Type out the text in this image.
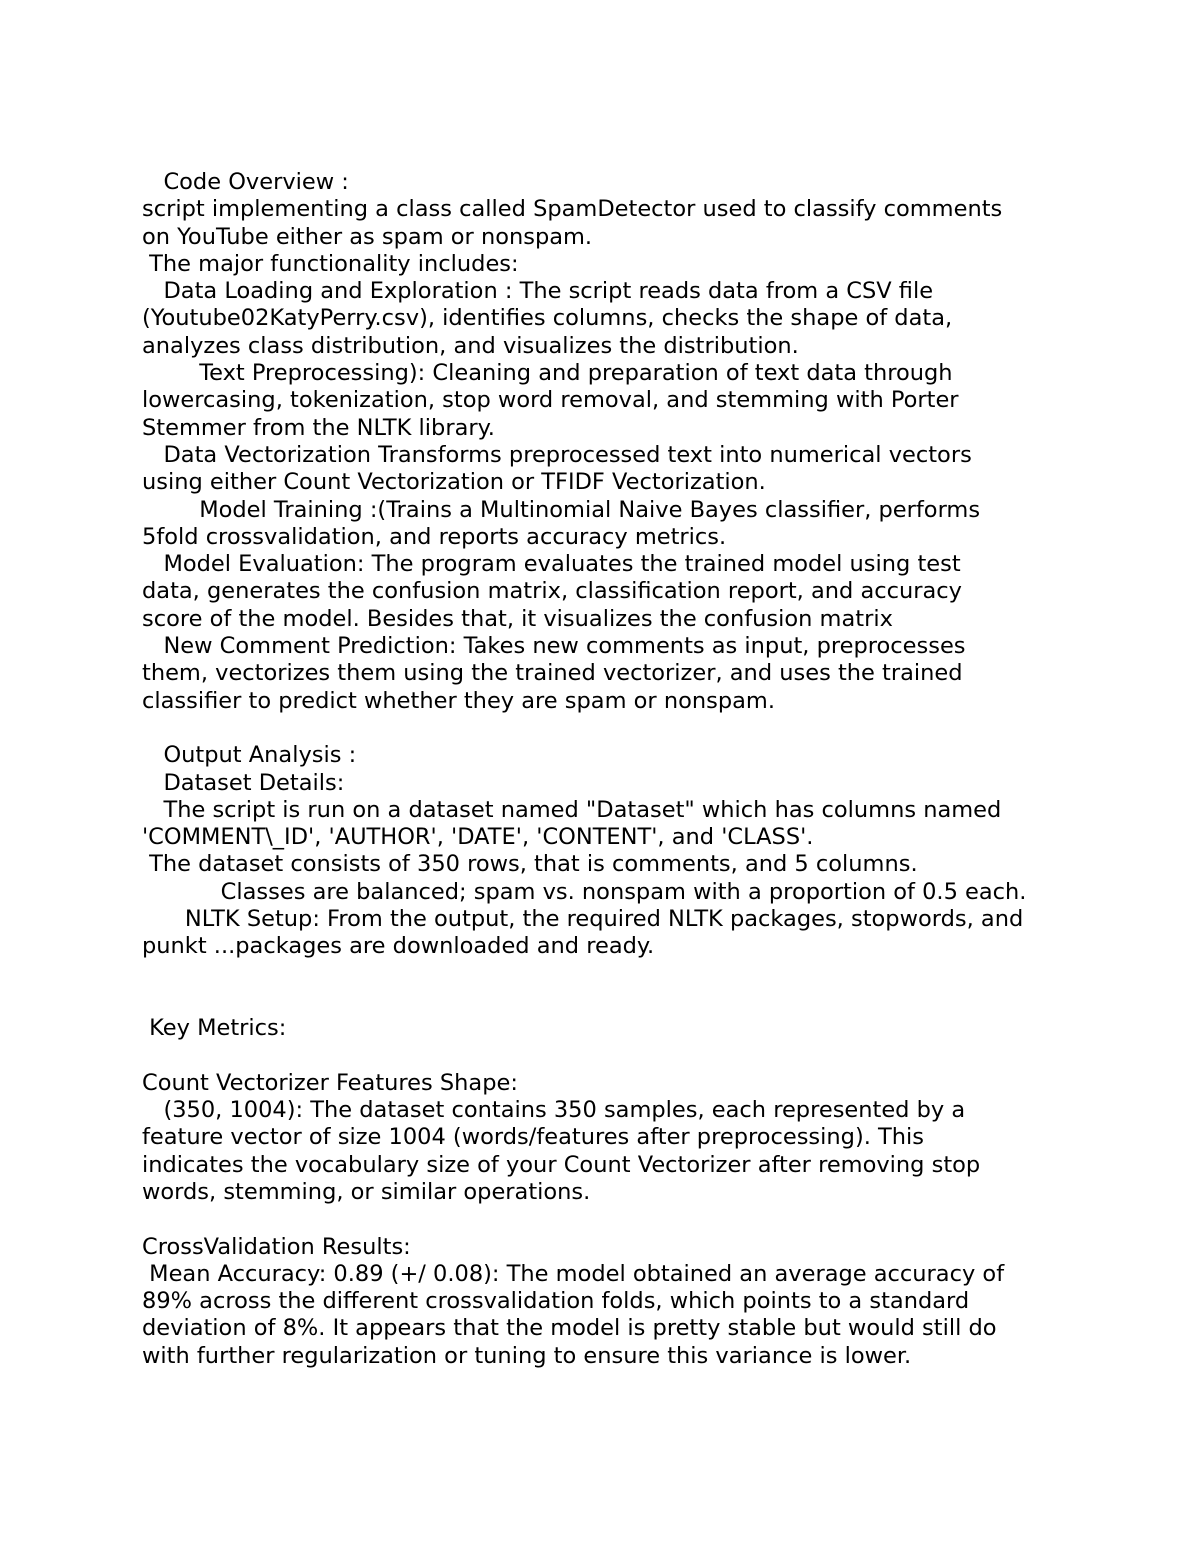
Code Overview :
script implementing a class called SpamDetector used to classify comments
on YouTube either as spam or nonspam.
The major functionality includes:
Data Loading and Exploration : The script reads data from a CSV file
(Youtube02KatyPerry.csv), identifies columns, checks the shape of data,
analyzes class distribution, and visualizes the distribution.
Text Preprocessing): Cleaning and preparation of text data through
lowercasing, tokenization, stop word removal, and stemming with Porter
Stemmer from the NLTK library.
Data Vectorization Transforms preprocessed text into numerical vectors
using either Count Vectorization or TFIDF Vectorization.
Model Training :(Trains a Multinomial Naive Bayes classifier, performs
5fold crossvalidation, and reports accuracy metrics.
Model Evaluation: The program evaluates the trained model using test
data, generates the confusion matrix, classification report, and accuracy
score of the model. Besides that, it visualizes the confusion matrix
New Comment Prediction: Takes new comments as input, preprocesses
them, vectorizes them using the trained vectorizer, and uses the trained
classifier to predict whether they are spam or nonspam.
Output Analysis :
Dataset Details:
The script is run on a dataset named "Dataset" which has columns named
'COMMENT\_ID', 'AUTHOR', 'DATE', 'CONTENT', and 'CLASS'.
The dataset consists of 350 rows, that is comments, and 5 columns.
Classes are balanced; spam vs. nonspam with a proportion of 0.5 each.
NLTK Setup: From the output, the required NLTK packages, stopwords, and
punkt ...packages are downloaded and ready.
Key Metrics:
Count Vectorizer Features Shape:
(350, 1004): The dataset contains 350 samples, each represented by a
feature vector of size 1004 (words/features after preprocessing). This
indicates the vocabulary size of your Count Vectorizer after removing stop
words, stemming, or similar operations.
CrossValidation Results:
Mean Accuracy: 0.89 (+/ 0.08): The model obtained an average accuracy of
89% across the different crossvalidation folds, which points to a standard
deviation of 8%. It appears that the model is pretty stable but would still do
with further regularization or tuning to ensure this variance is lower.
